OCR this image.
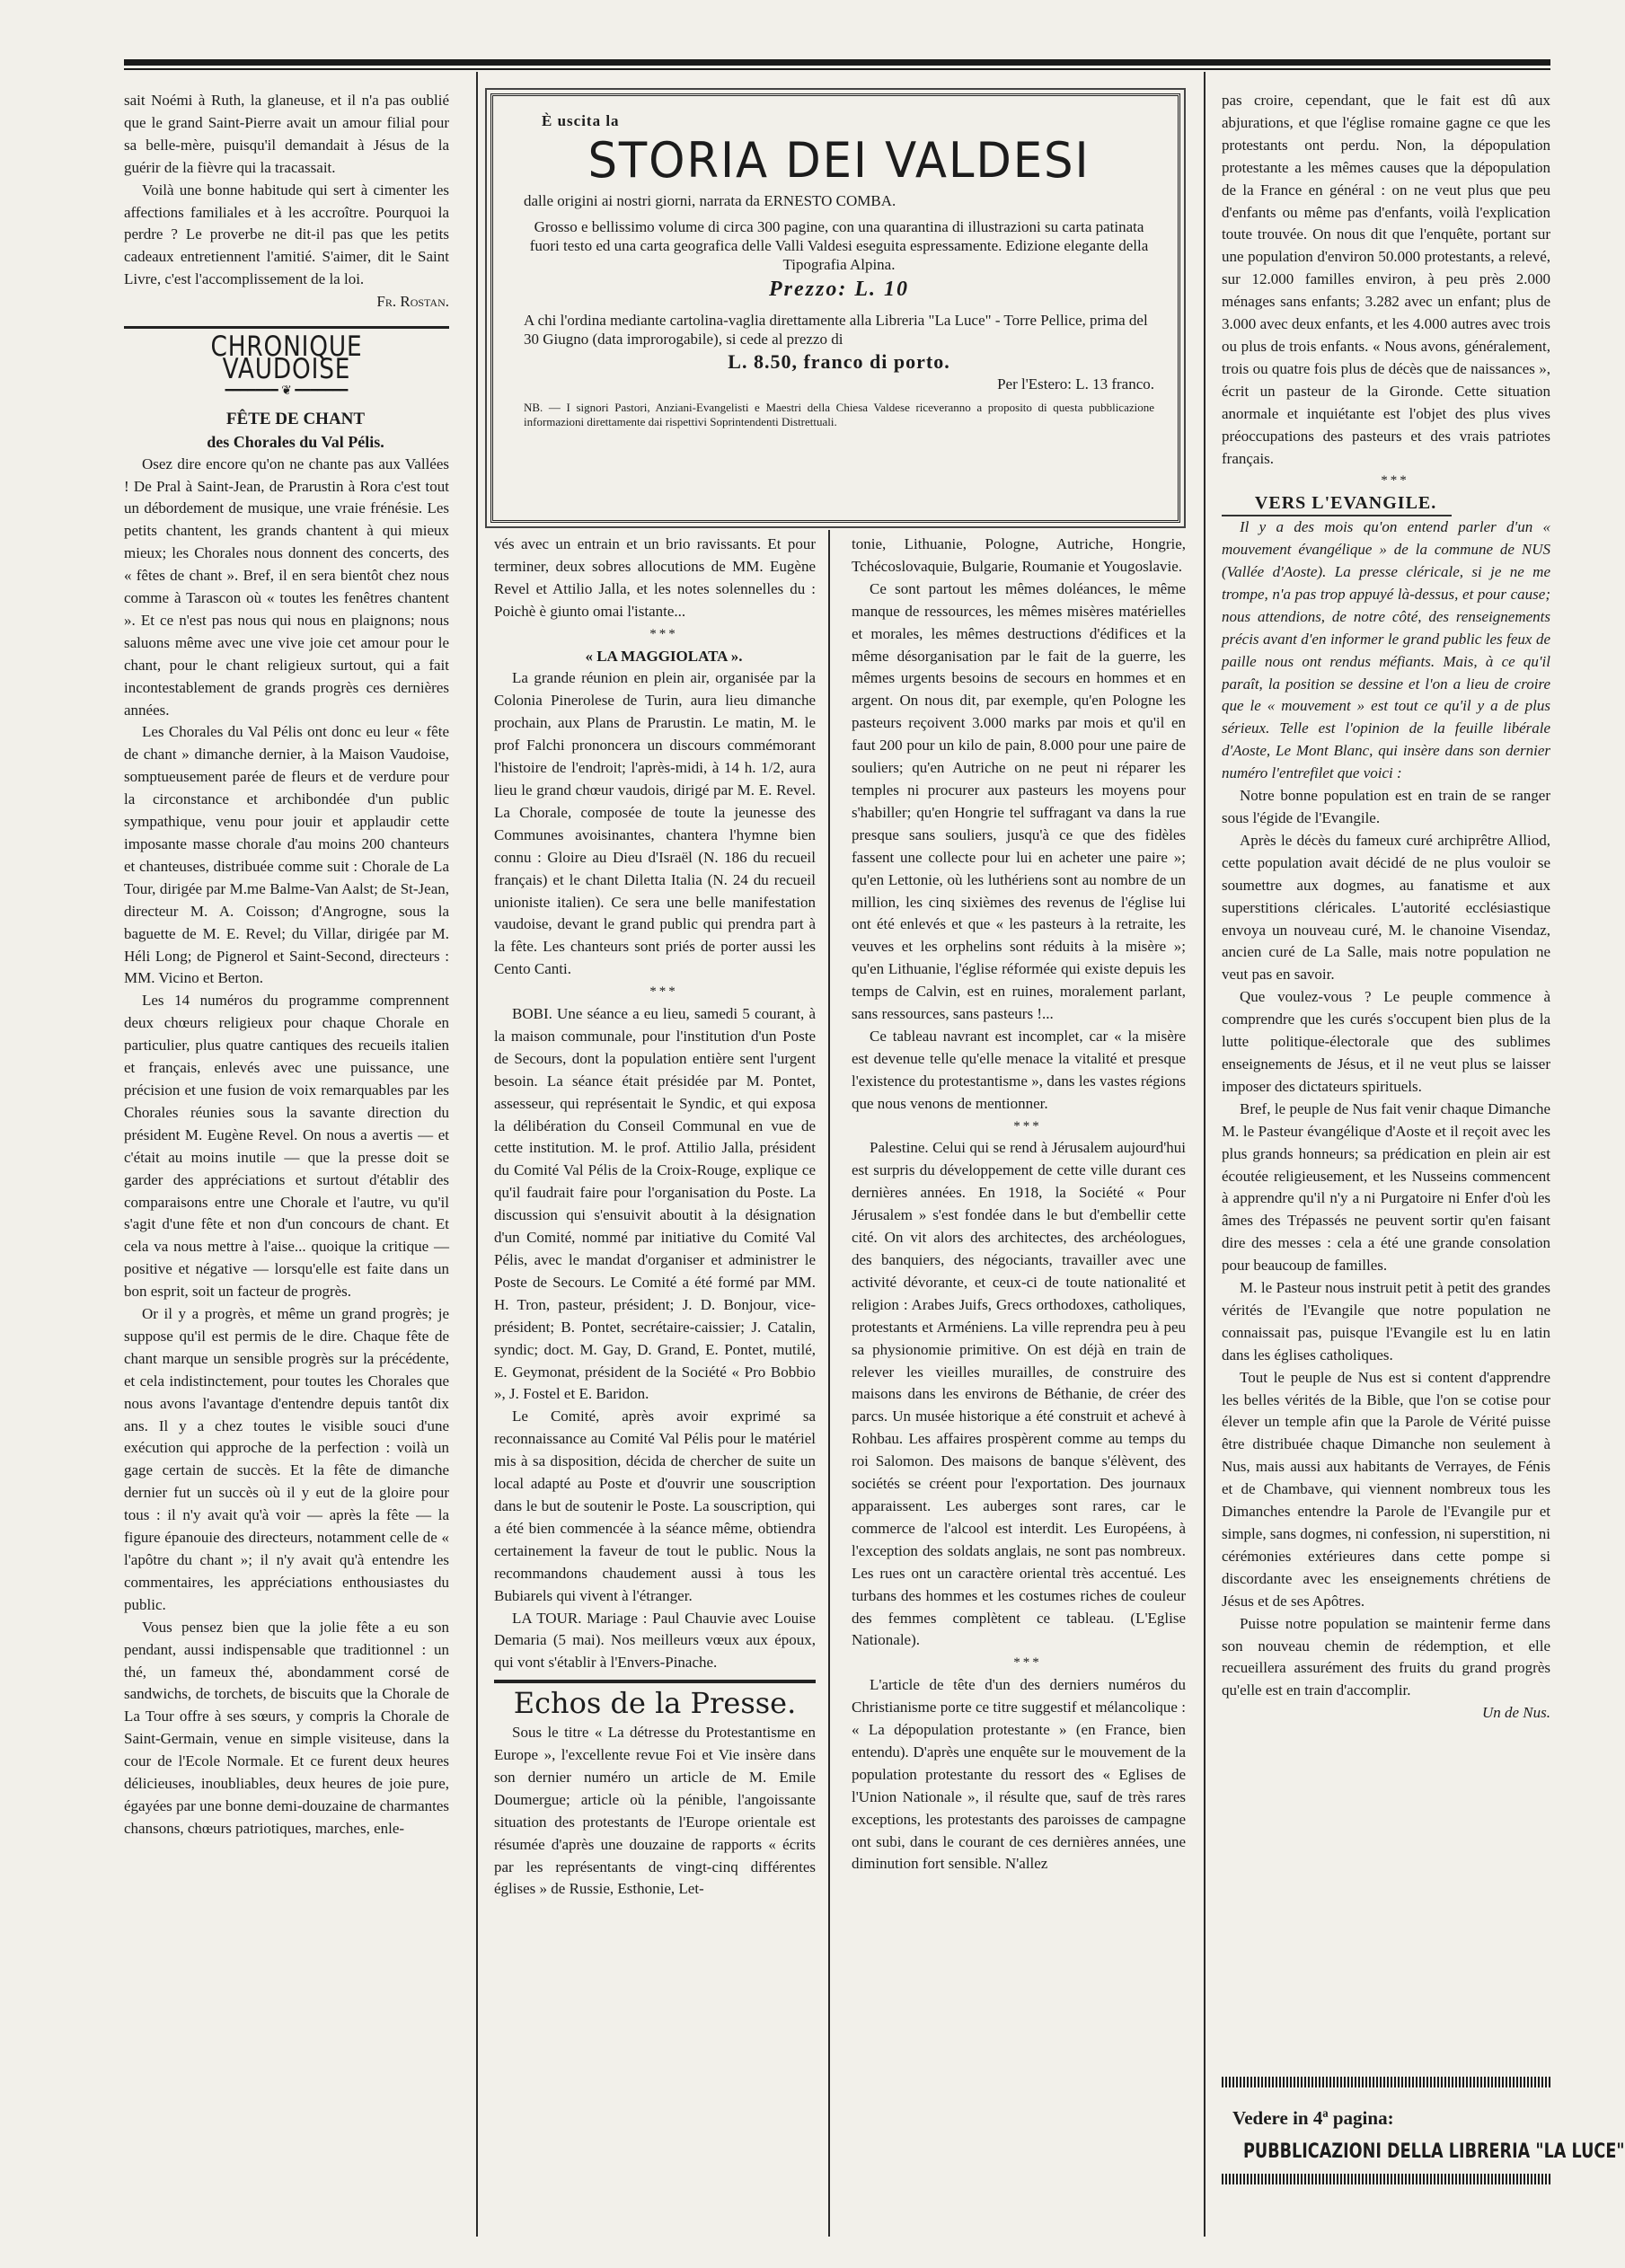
sait Noémi à Ruth, la glaneuse, et il n'a pas oublié que le grand Saint-Pierre avait un amour filial pour sa belle-mère, puisqu'il demandait à Jésus de la guérir de la fièvre qui la tracassait.

Voilà une bonne habitude qui sert à cimenter les affections familiales et à les accroître. Pourquoi la perdre ? Le proverbe ne dit-il pas que les petits cadeaux entretiennent l'amitié. S'aimer, dit le Saint Livre, c'est l'accomplissement de la loi.

Fr. Rostan.

CHRONIQUE VAUDOISE
━━━━━━━ ❦ ━━━━━━━

FÊTE DE CHANT

des Chorales du Val Pélis.

Osez dire encore qu'on ne chante pas aux Vallées ! De Pral à Saint-Jean, de Prarustin à Rora c'est tout un débordement de musique, une vraie frénésie. Les petits chantent, les grands chantent à qui mieux mieux; les Chorales nous donnent des concerts, des « fêtes de chant ». Bref, il en sera bientôt chez nous comme à Tarascon où « toutes les fenêtres chantent ». Et ce n'est pas nous qui nous en plaignons; nous saluons même avec une vive joie cet amour pour le chant, pour le chant religieux surtout, qui a fait incontestablement de grands progrès ces dernières années.

Les Chorales du Val Pélis ont donc eu leur « fête de chant » dimanche dernier, à la Maison Vaudoise, somptueusement parée de fleurs et de verdure pour la circonstance et archibondée d'un public sympathique, venu pour jouir et applaudir cette imposante masse chorale d'au moins 200 chanteurs et chanteuses, distribuée comme suit : Chorale de La Tour, dirigée par M.me Balme-Van Aalst; de St-Jean, directeur M. A. Coisson; d'Angrogne, sous la baguette de M. E. Revel; du Villar, dirigée par M. Héli Long; de Pignerol et Saint-Second, directeurs : MM. Vicino et Berton.

Les 14 numéros du programme comprennent deux chœurs religieux pour chaque Chorale en particulier, plus quatre cantiques des recueils italien et français, enlevés avec une puissance, une précision et une fusion de voix remarquables par les Chorales réunies sous la savante direction du président M. Eugène Revel. On nous a avertis — et c'était au moins inutile — que la presse doit se garder des appréciations et surtout d'établir des comparaisons entre une Chorale et l'autre, vu qu'il s'agit d'une fête et non d'un concours de chant. Et cela va nous mettre à l'aise... quoique la critique — positive et négative — lorsqu'elle est faite dans un bon esprit, soit un facteur de progrès.

Or il y a progrès, et même un grand progrès; je suppose qu'il est permis de le dire. Chaque fête de chant marque un sensible progrès sur la précédente, et cela indistinctement, pour toutes les Chorales que nous avons l'avantage d'entendre depuis tantôt dix ans. Il y a chez toutes le visible souci d'une exécution qui approche de la perfection : voilà un gage certain de succès. Et la fête de dimanche dernier fut un succès où il y eut de la gloire pour tous : il n'y avait qu'à voir — après la fête — la figure épanouie des directeurs, notamment celle de « l'apôtre du chant »; il n'y avait qu'à entendre les commentaires, les appréciations enthousiastes du public.

Vous pensez bien que la jolie fête a eu son pendant, aussi indispensable que traditionnel : un thé, un fameux thé, abondamment corsé de sandwichs, de torchets, de biscuits que la Chorale de La Tour offre à ses sœurs, y compris la Chorale de Saint-Germain, venue en simple visiteuse, dans la cour de l'Ecole Normale. Et ce furent deux heures délicieuses, inoubliables, deux heures de joie pure, égayées par une bonne demi-douzaine de charmantes chansons, chœurs patriotiques, marches, enle-

È uscita la

STORIA DEI VALDESI

dalle origini ai nostri giorni, narrata da ERNESTO COMBA.

Grosso e bellissimo volume di circa 300 pagine, con una quarantina di illustrazioni su carta patinata fuori testo ed una carta geografica delle Valli Valdesi eseguita espressamente. Edizione elegante della Tipografia Alpina.

Prezzo: L. 10

A chi l'ordina mediante cartolina-vaglia direttamente alla Libreria "La Luce" - Torre Pellice, prima del 30 Giugno (data improrogabile), si cede al prezzo di

L. 8.50, franco di porto.

Per l'Estero: L. 13 franco.

NB. — I signori Pastori, Anziani-Evangelisti e Maestri della Chiesa Valdese riceveranno a proposito di questa pubblicazione informazioni direttamente dai rispettivi Soprintendenti Distrettuali.

vés avec un entrain et un brio ravissants. Et pour terminer, deux sobres allocutions de MM. Eugène Revel et Attilio Jalla, et les notes solennelles du : Poichè è giunto omai l'istante...

***

« LA MAGGIOLATA ».

La grande réunion en plein air, organisée par la Colonia Pinerolese de Turin, aura lieu dimanche prochain, aux Plans de Prarustin. Le matin, M. le prof Falchi prononcera un discours commémorant l'histoire de l'endroit; l'après-midi, à 14 h. 1/2, aura lieu le grand chœur vaudois, dirigé par M. E. Revel. La Chorale, composée de toute la jeunesse des Communes avoisinantes, chantera l'hymne bien connu : Gloire au Dieu d'Israël (N. 186 du recueil français) et le chant Diletta Italia (N. 24 du recueil unioniste italien). Ce sera une belle manifestation vaudoise, devant le grand public qui prendra part à la fête. Les chanteurs sont priés de porter aussi les Cento Canti.

***

BOBI. Une séance a eu lieu, samedi 5 courant, à la maison communale, pour l'institution d'un Poste de Secours, dont la population entière sent l'urgent besoin. La séance était présidée par M. Pontet, assesseur, qui représentait le Syndic, et qui exposa la délibération du Conseil Communal en vue de cette institution. M. le prof. Attilio Jalla, président du Comité Val Pélis de la Croix-Rouge, explique ce qu'il faudrait faire pour l'organisation du Poste. La discussion qui s'ensuivit aboutit à la désignation d'un Comité, nommé par initiative du Comité Val Pélis, avec le mandat d'organiser et administrer le Poste de Secours. Le Comité a été formé par MM. H. Tron, pasteur, président; J. D. Bonjour, vice-président; B. Pontet, secrétaire-caissier; J. Catalin, syndic; doct. M. Gay, D. Grand, E. Pontet, mutilé, E. Geymonat, président de la Société « Pro Bobbio », J. Fostel et E. Baridon.

Le Comité, après avoir exprimé sa reconnaissance au Comité Val Pélis pour le matériel mis à sa disposition, décida de chercher de suite un local adapté au Poste et d'ouvrir une souscription dans le but de soutenir le Poste. La souscription, qui a été bien commencée à la séance même, obtiendra certainement la faveur de tout le public. Nous la recommandons chaudement aussi à tous les Bubiarels qui vivent à l'étranger.

LA TOUR. Mariage : Paul Chauvie avec Louise Demaria (5 mai). Nos meilleurs vœux aux époux, qui vont s'établir à l'Envers-Pinache.

Echos de la Presse.

Sous le titre « La détresse du Protestantisme en Europe », l'excellente revue Foi et Vie insère dans son dernier numéro un article de M. Emile Doumergue; article où la pénible, l'angoissante situation des protestants de l'Europe orientale est résumée d'après une douzaine de rapports « écrits par les représentants de vingt-cinq différentes églises » de Russie, Esthonie, Let-

tonie, Lithuanie, Pologne, Autriche, Hongrie, Tchécoslovaquie, Bulgarie, Roumanie et Yougoslavie.

Ce sont partout les mêmes doléances, le même manque de ressources, les mêmes misères matérielles et morales, les mêmes destructions d'édifices et la même désorganisation par le fait de la guerre, les mêmes urgents besoins de secours en hommes et en argent. On nous dit, par exemple, qu'en Pologne les pasteurs reçoivent 3.000 marks par mois et qu'il en faut 200 pour un kilo de pain, 8.000 pour une paire de souliers; qu'en Autriche on ne peut ni réparer les temples ni procurer aux pasteurs les moyens pour s'habiller; qu'en Hongrie tel suffragant va dans la rue presque sans souliers, jusqu'à ce que des fidèles fassent une collecte pour lui en acheter une paire »; qu'en Lettonie, où les luthériens sont au nombre de un million, les cinq sixièmes des revenus de l'église lui ont été enlevés et que « les pasteurs à la retraite, les veuves et les orphelins sont réduits à la misère »; qu'en Lithuanie, l'église réformée qui existe depuis les temps de Calvin, est en ruines, moralement parlant, sans ressources, sans pasteurs !...

Ce tableau navrant est incomplet, car « la misère est devenue telle qu'elle menace la vitalité et presque l'existence du protestantisme », dans les vastes régions que nous venons de mentionner.

***

Palestine. Celui qui se rend à Jérusalem aujourd'hui est surpris du développement de cette ville durant ces dernières années. En 1918, la Société « Pour Jérusalem » s'est fondée dans le but d'embellir cette cité. On vit alors des architectes, des archéologues, des banquiers, des négociants, travailler avec une activité dévorante, et ceux-ci de toute nationalité et religion : Arabes Juifs, Grecs orthodoxes, catholiques, protestants et Arméniens. La ville reprendra peu à peu sa physionomie primitive. On est déjà en train de relever les vieilles murailles, de construire des maisons dans les environs de Béthanie, de créer des parcs. Un musée historique a été construit et achevé à Rohbau. Les affaires prospèrent comme au temps du roi Salomon. Des maisons de banque s'élèvent, des sociétés se créent pour l'exportation. Des journaux apparaissent. Les auberges sont rares, car le commerce de l'alcool est interdit. Les Européens, à l'exception des soldats anglais, ne sont pas nombreux. Les rues ont un caractère oriental très accentué. Les turbans des hommes et les costumes riches de couleur des femmes complètent ce tableau. (L'Eglise Nationale).

***

L'article de tête d'un des derniers numéros du Christianisme porte ce titre suggestif et mélancolique : « La dépopulation protestante » (en France, bien entendu). D'après une enquête sur le mouvement de la population protestante du ressort des « Eglises de l'Union Nationale », il résulte que, sauf de très rares exceptions, les protestants des paroisses de campagne ont subi, dans le courant de ces dernières années, une diminution fort sensible. N'allez

pas croire, cependant, que le fait est dû aux abjurations, et que l'église romaine gagne ce que les protestants ont perdu. Non, la dépopulation protestante a les mêmes causes que la dépopulation de la France en général : on ne veut plus que peu d'enfants ou même pas d'enfants, voilà l'explication toute trouvée. On nous dit que l'enquête, portant sur une population d'environ 50.000 protestants, a relevé, sur 12.000 familles environ, à peu près 2.000 ménages sans enfants; 3.282 avec un enfant; plus de 3.000 avec deux enfants, et les 4.000 autres avec trois ou plus de trois enfants. « Nous avons, généralement, trois ou quatre fois plus de décès que de naissances », écrit un pasteur de la Gironde. Cette situation anormale et inquiétante est l'objet des plus vives préoccupations des pasteurs et des vrais patriotes français.

***

VERS L'EVANGILE.

Il y a des mois qu'on entend parler d'un « mouvement évangélique » de la commune de NUS (Vallée d'Aoste). La presse cléricale, si je ne me trompe, n'a pas trop appuyé là-dessus, et pour cause; nous attendions, de notre côté, des renseignements précis avant d'en informer le grand public les feux de paille nous ont rendus méfiants. Mais, à ce qu'il paraît, la position se dessine et l'on a lieu de croire que le « mouvement » est tout ce qu'il y a de plus sérieux. Telle est l'opinion de la feuille libérale d'Aoste, Le Mont Blanc, qui insère dans son dernier numéro l'entrefilet que voici :

Notre bonne population est en train de se ranger sous l'égide de l'Evangile.

Après le décès du fameux curé archiprêtre Alliod, cette population avait décidé de ne plus vouloir se soumettre aux dogmes, au fanatisme et aux superstitions cléricales. L'autorité ecclésiastique envoya un nouveau curé, M. le chanoine Visendaz, ancien curé de La Salle, mais notre population ne veut pas en savoir.

Que voulez-vous ? Le peuple commence à comprendre que les curés s'occupent bien plus de la lutte politique-électorale que des sublimes enseignements de Jésus, et il ne veut plus se laisser imposer des dictateurs spirituels.

Bref, le peuple de Nus fait venir chaque Dimanche M. le Pasteur évangélique d'Aoste et il reçoit avec les plus grands honneurs; sa prédication en plein air est écoutée religieusement, et les Nusseins commencent à apprendre qu'il n'y a ni Purgatoire ni Enfer d'où les âmes des Trépassés ne peuvent sortir qu'en faisant dire des messes : cela a été une grande consolation pour beaucoup de familles.

M. le Pasteur nous instruit petit à petit des grandes vérités de l'Evangile que notre population ne connaissait pas, puisque l'Evangile est lu en latin dans les églises catholiques.

Tout le peuple de Nus est si content d'apprendre les belles vérités de la Bible, que l'on se cotise pour élever un temple afin que la Parole de Vérité puisse être distribuée chaque Dimanche non seulement à Nus, mais aussi aux habitants de Verrayes, de Fénis et de Chambave, qui viennent nombreux tous les Dimanches entendre la Parole de l'Evangile pur et simple, sans dogmes, ni confession, ni superstition, ni cérémonies extérieures dans cette pompe si discordante avec les enseignements chrétiens de Jésus et de ses Apôtres.

Puisse notre population se maintenir ferme dans son nouveau chemin de rédemption, et elle recueillera assurément des fruits du grand progrès qu'elle est en train d'accomplir.

Un de Nus.

Vedere in 4ª pagina:

PUBBLICAZIONI DELLA LIBRERIA "LA LUCE"
